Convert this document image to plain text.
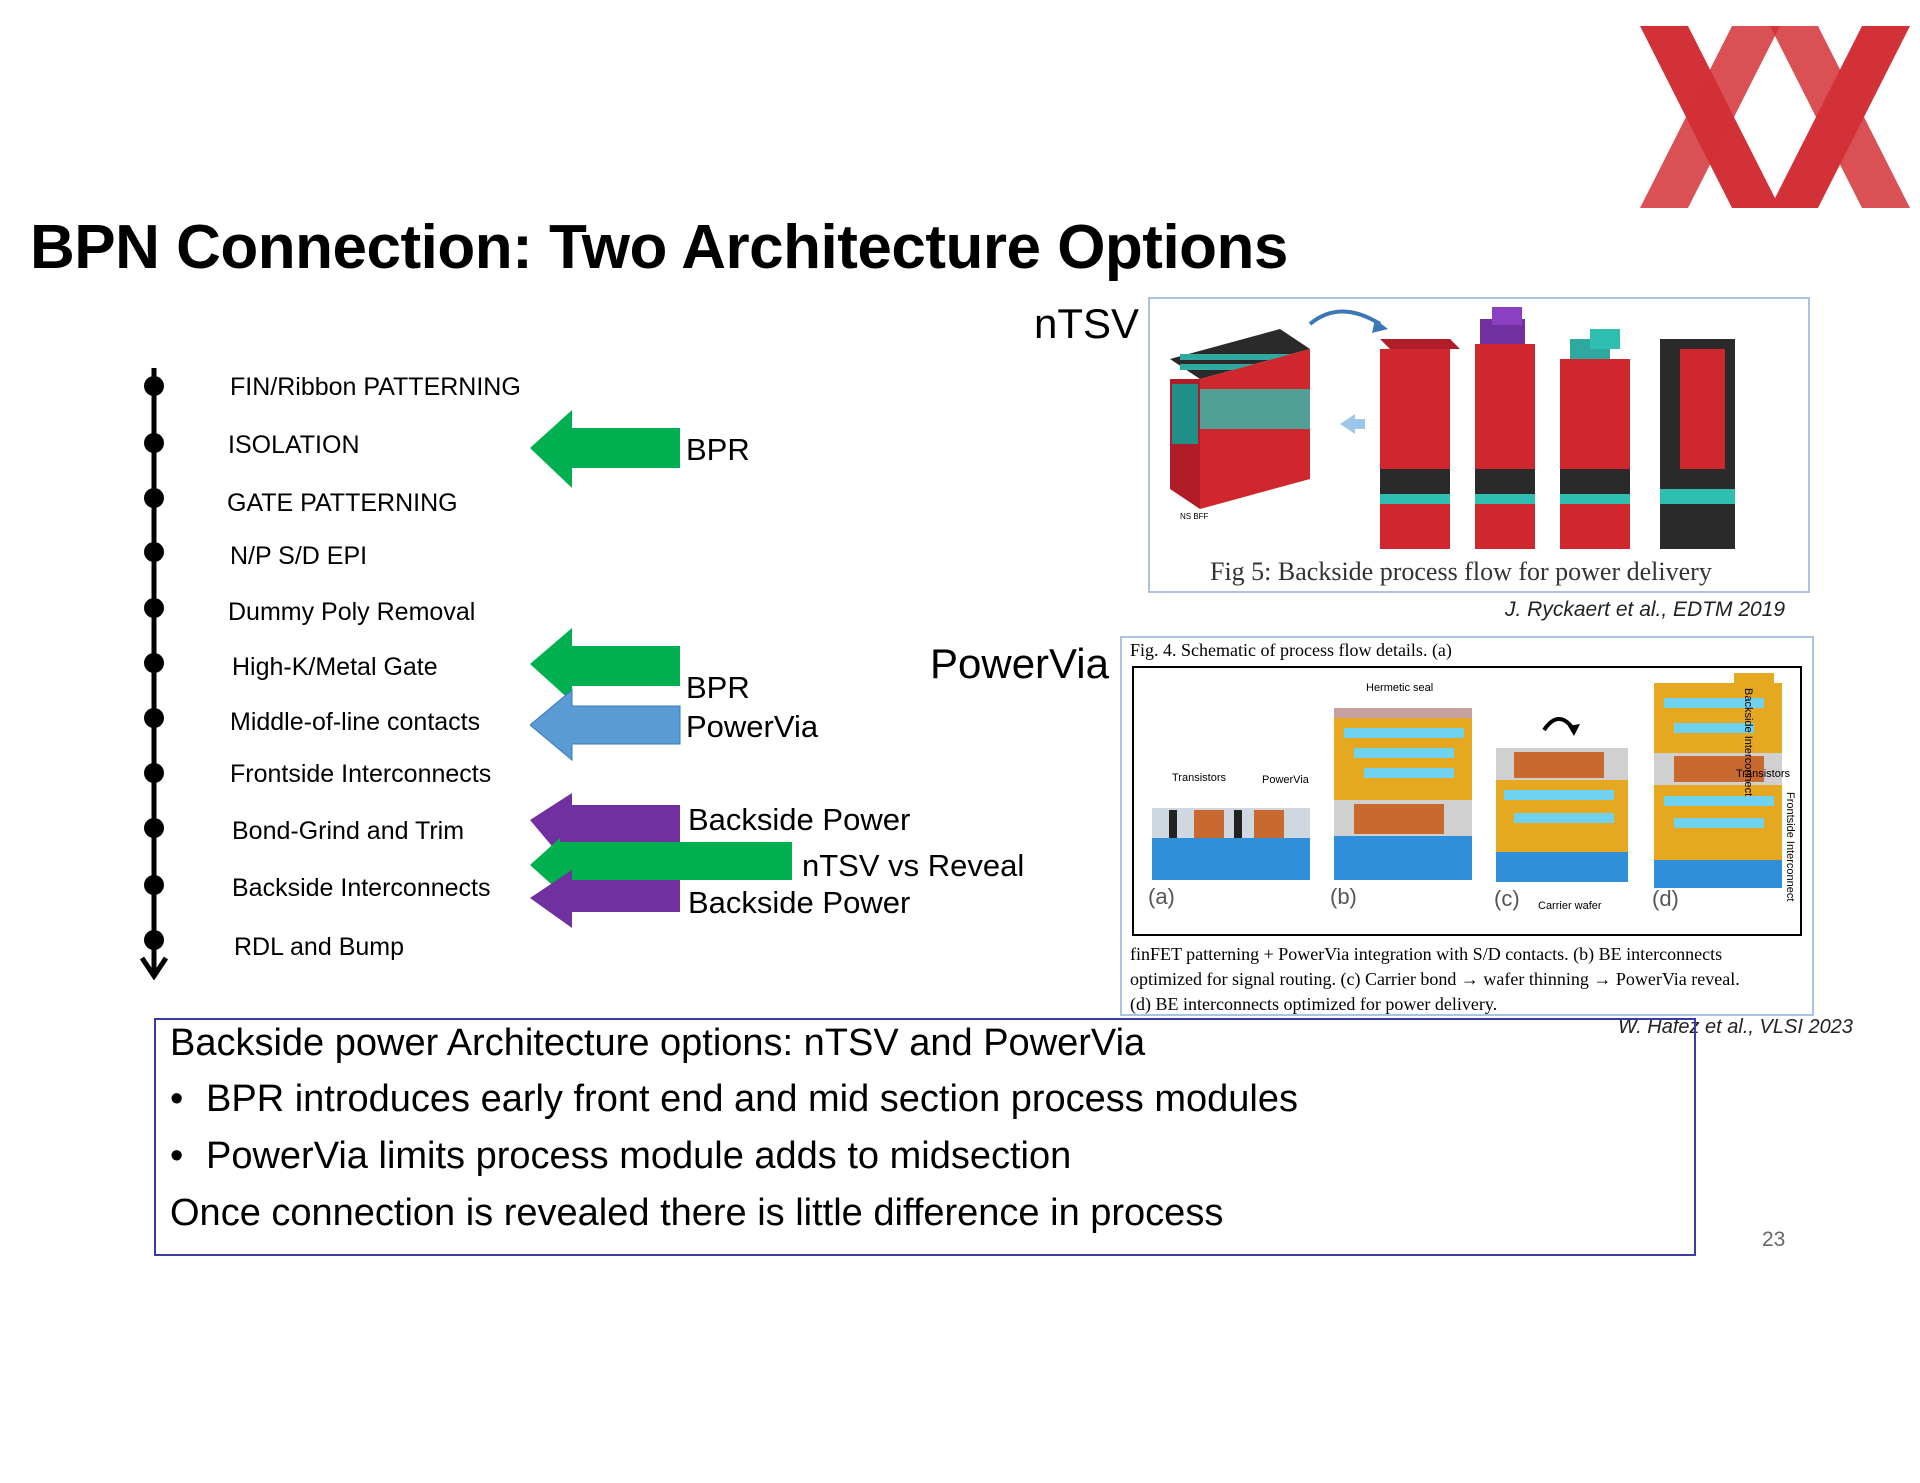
BPN Connection: Two Architecture Options
FIN/Ribbon PATTERNING
ISOLATION
GATE PATTERNING
N/P S/D EPI
Dummy Poly Removal
High-K/Metal Gate
Middle-of-line contacts
Frontside Interconnects
Bond-Grind and Trim
Backside Interconnects
RDL and Bump
BPR
BPR
PowerVia
Backside Power
nTSV vs Reveal
Backside Power
nTSV
NS BFF
Fig 5: Backside process flow for power delivery
J. Ryckaert et al., EDTM 2019
PowerVia Fig. 4. Schematic of process flow details. (a)
(a)	(b)	(c)	(d)
Transistors	PowerVia
Hermetic seal
Carrier wafer
Backside Interconnect
Transistors
Frontside Interconnect
finFET patterning + PowerVia integration with S/D contacts. (b) BE interconnects
optimized for signal routing. (c) Carrier bond → wafer thinning → PowerVia reveal.
(d) BE interconnects optimized for power delivery.
W. Hafez et al., VLSI 2023
Backside power Architecture options: nTSV and PowerVia
• BPR introduces early front end and mid section process modules
• PowerVia limits process module adds to midsection
Once connection is revealed there is little difference in process
23
